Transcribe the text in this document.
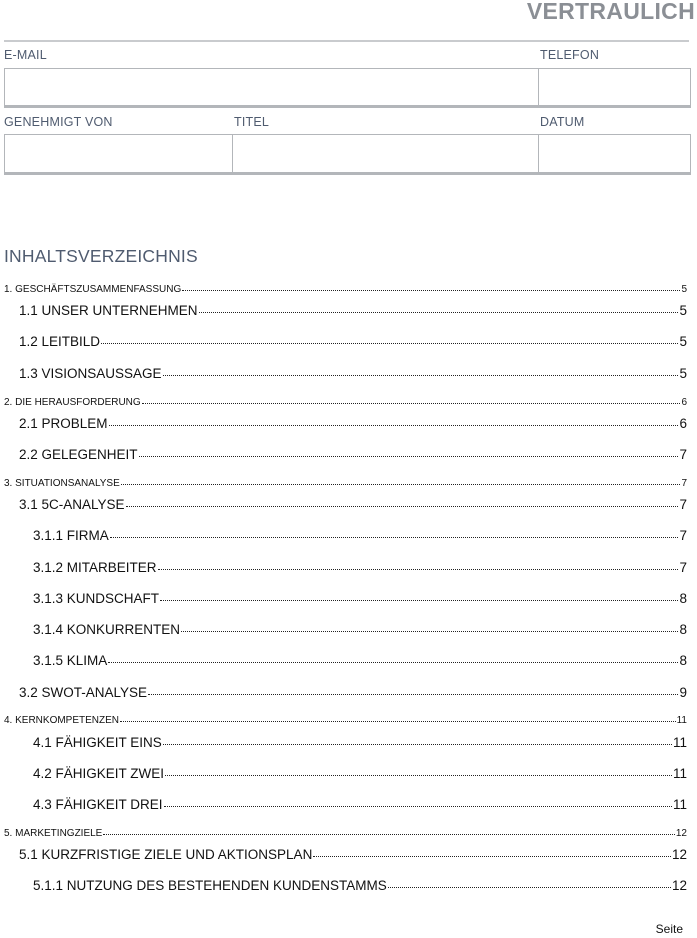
VERTRAULICH
E-MAIL	TELEFON
GENEHMIGT VON	TITEL	DATUM
INHALTSVERZEICHNIS
1. GESCHÄFTSZUSAMMENFASSUNG	5
1.1 UNSER UNTERNEHMEN	5
1.2 LEITBILD	5
1.3 VISIONSAUSSAGE	5
2. DIE HERAUSFORDERUNG	6
2.1 PROBLEM	6
2.2 GELEGENHEIT	7
3. SITUATIONSANALYSE	7
3.1 5C-ANALYSE	7
3.1.1 FIRMA	7
3.1.2 MITARBEITER	7
3.1.3 KUNDSCHAFT	8
3.1.4 KONKURRENTEN	8
3.1.5 KLIMA	8
3.2 SWOT-ANALYSE	9
4. KERNKOMPETENZEN	11
4.1 FÄHIGKEIT EINS	11
4.2 FÄHIGKEIT ZWEI	11
4.3 FÄHIGKEIT DREI	11
5. MARKETINGZIELE	12
5.1 KURZFRISTIGE ZIELE UND AKTIONSPLAN	12
5.1.1 NUTZUNG DES BESTEHENDEN KUNDENSTAMMS	12
Seite
